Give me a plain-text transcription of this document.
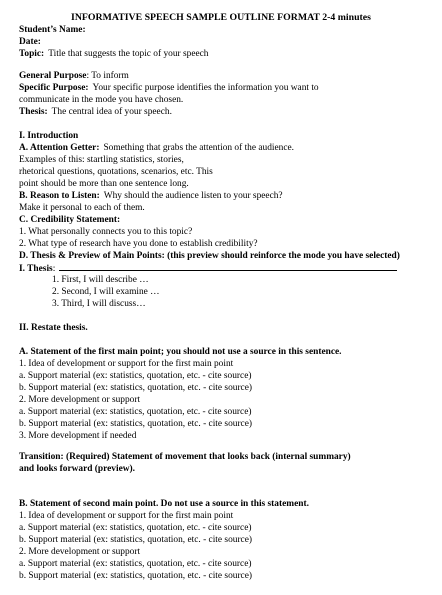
INFORMATIVE SPEECH SAMPLE OUTLINE FORMAT 2-4 minutes
Student’s Name:
Date:
Topic: Title that suggests the topic of your speech
General Purpose: To inform
Specific Purpose: Your specific purpose identifies the information you want to
communicate in the mode you have chosen.
Thesis: The central idea of your speech.
I. Introduction
A. Attention Getter: Something that grabs the attention of the audience.
Examples of this: startling statistics, stories,
rhetorical questions, quotations, scenarios, etc. This
point should be more than one sentence long.
B. Reason to Listen: Why should the audience listen to your speech?
Make it personal to each of them.
C. Credibility Statement:
1. What personally connects you to this topic?
2. What type of research have you done to establish credibility?
D. Thesis & Preview of Main Points: (this preview should reinforce the mode you have selected)
I. Thesis:
1. First, I will describe …
2. Second, I will examine …
3. Third, I will discuss…
II. Restate thesis.
A. Statement of the first main point; you should not use a source in this sentence.
1. Idea of development or support for the first main point
a. Support material (ex: statistics, quotation, etc. - cite source)
b. Support material (ex: statistics, quotation, etc. - cite source)
2. More development or support
a. Support material (ex: statistics, quotation, etc. - cite source)
b. Support material (ex: statistics, quotation, etc. - cite source)
3. More development if needed
Transition: (Required) Statement of movement that looks back (internal summary)
and looks forward (preview).
B. Statement of second main point. Do not use a source in this statement.
1. Idea of development or support for the first main point
a. Support material (ex: statistics, quotation, etc. - cite source)
b. Support material (ex: statistics, quotation, etc. - cite source)
2. More development or support
a. Support material (ex: statistics, quotation, etc. - cite source)
b. Support material (ex: statistics, quotation, etc. - cite source)
